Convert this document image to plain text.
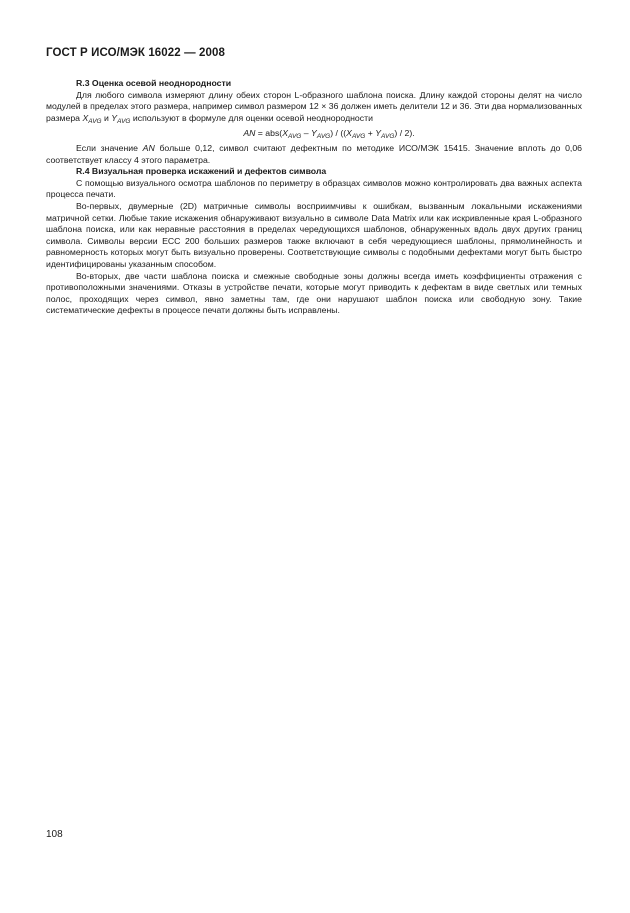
ГОСТ Р ИСО/МЭК 16022 — 2008
R.3 Оценка осевой неоднородности

Для любого символа измеряют длину обеих сторон L-образного шаблона поиска. Длину каждой стороны делят на число модулей в пределах этого размера, например символ размером 12 × 36 должен иметь делители 12 и 36. Эти два нормализованных размера $X_{AVG}$ и $Y_{AVG}$ используют в формуле для оценки осевой неоднородности

AN = $abs(X_{AVG} - Y_{AVG}) / ((X_{AVG} + Y_{AVG}) / 2)$.

Если значение AN больше 0,12, символ считают дефектным по методике ИСО/МЭК 15415. Значение вплоть до 0,06 соответствует классу 4 этого параметра.

R.4 Визуальная проверка искажений и дефектов символа

С помощью визуального осмотра шаблонов по периметру в образцах символов можно контролировать два важных аспекта процесса печати.

Во-первых, двумерные (2D) матричные символы восприимчивы к ошибкам, вызванным локальными искажениями матричной сетки. Любые такие искажения обнаруживают визуально в символе Data Matrix или как искривленные края L-образного шаблона поиска, или как неравные расстояния в пределах чередующихся шаблонов, обнаруженных вдоль двух других границ символа. Символы версии ЕСС 200 больших размеров также включают в себя чередующиеся шаблоны, прямолинейность и равномерность которых могут быть визуально проверены. Соответствующие символы с подобными дефектами могут быть быстро идентифицированы указанным способом.

Во-вторых, две части шаблона поиска и смежные свободные зоны должны всегда иметь коэффициенты отражения с противоположными значениями. Отказы в устройстве печати, которые могут приводить к дефектам в виде светлых или темных полос, проходящих через символ, явно заметны там, где они нарушают шаблон поиска или свободную зону. Такие систематические дефекты в процессе печати должны быть исправлены.

108
